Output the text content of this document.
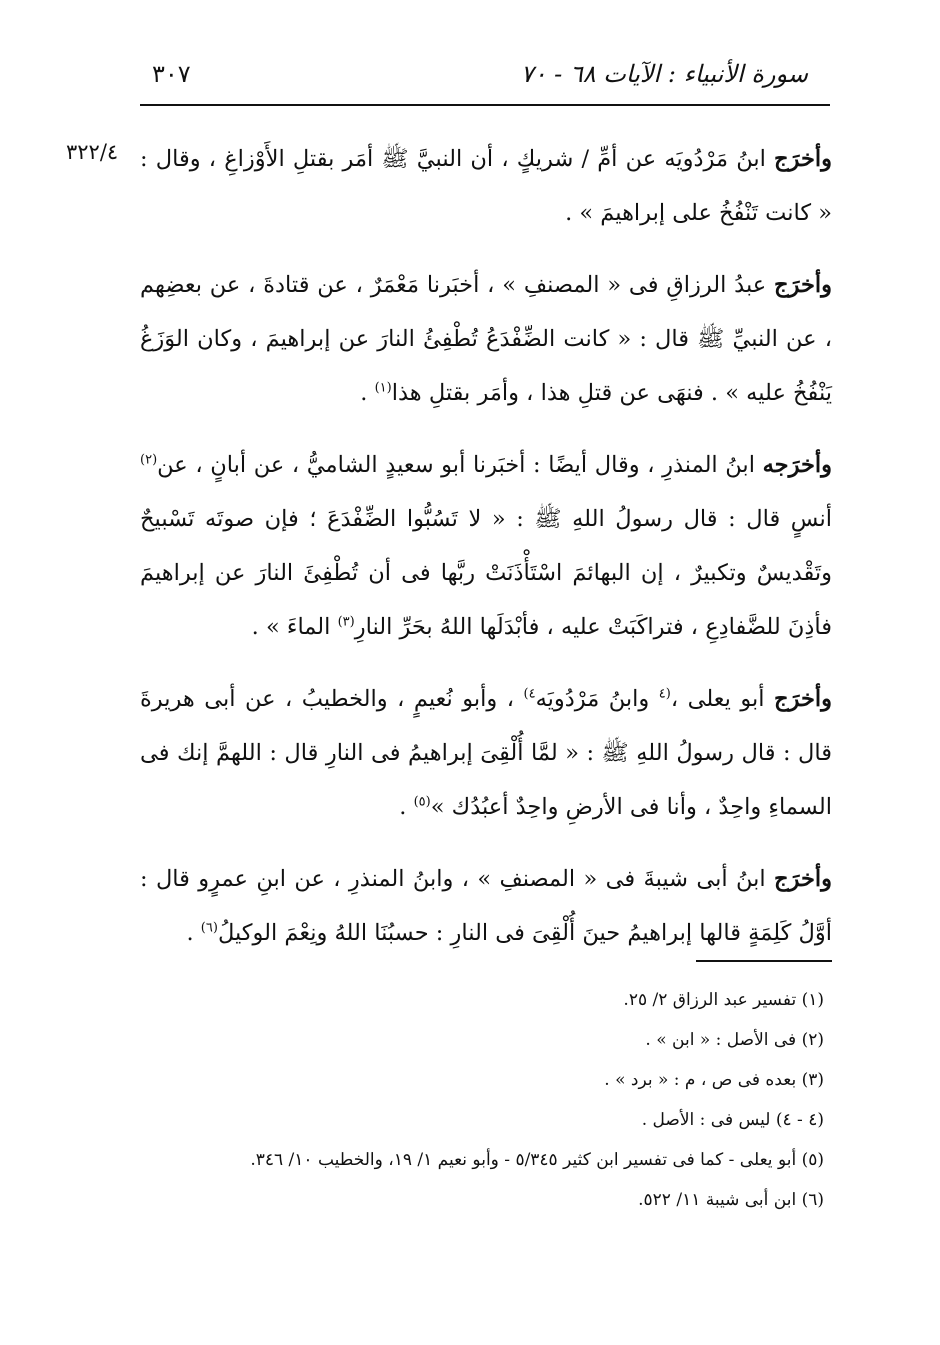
سورة الأنبياء : الآيات ٦٨ - ٧٠
٣٠٧
٣٢٢/٤	وأخرَج ابنُ مَرْدُويَه عن أمِّ / شريكٍ ، أن النبيَّ ﷺ أمَر بقتلِ الأَوْزاغِ ، وقال : « كانت تَنْفُخُ على إبراهيمَ » .

وأخرَج عبدُ الرزاقِ فى « المصنفِ » ، أخبَرنا مَعْمَرٌ ، عن قتادةَ ، عن بعضِهم ، عن النبيِّ ﷺ قال : « كانت الضِّفْدَعُ تُطْفِئُ النارَ عن إبراهيمَ ، وكان الوَزَغُ يَنْفُخُ عليه » . فنهَى عن قتلِ هذا ، وأمَر بقتلِ هذا$^{(١)}$ .

وأخرَجه ابنُ المنذرِ ، وقال أيضًا : أخبَرنا أبو سعيدٍ الشاميُّ ، عن أبانٍ ، عن$^{(٢)}$ أنسٍ قال : قال رسولُ اللهِ ﷺ : « لا تَسُبُّوا الضِّفْدَعَ ؛ فإن صوتَه تَسْبيحٌ وتَقْديسٌ وتكبيرٌ ، إن البهائمَ اسْتَأْذَنَتْ ربَّها فى أن تُطْفِئَ النارَ عن إبراهيمَ فأذِنَ للضَّفادِعِ ، فتراكَبَتْ عليه ، فأبْدَلَها اللهُ بحَرِّ النارِ$^{(٣)}$ الماءَ » .

وأخرَج أبو يعلى ،$^{(٤}$ وابنُ مَرْدُويَه$^{٤)}$ ، وأبو نُعيمٍ ، والخطيبُ ، عن أبى هريرةَ قال : قال رسولُ اللهِ ﷺ : « لمَّا أُلْقِىَ إبراهيمُ فى النارِ قال : اللهمَّ إنك فى السماءِ واحِدٌ ، وأنا فى الأرضِ واحِدٌ أعبُدُك »$^{(٥)}$ .

وأخرَج ابنُ أبى شيبةَ فى « المصنفِ » ، وابنُ المنذرِ ، عن ابنِ عمرٍو قال : أوَّلُ كَلِمَةٍ قالها إبراهيمُ حينَ أُلْقِىَ فى النارِ : حسبُنَا اللهُ ونِعْمَ الوكيلُ$^{(٦)}$ .

(١) تفسير عبد الرزاق ٢/ ٢٥.
(٢) فى الأصل : « ابن » .
(٣) بعده فى ص ، م : « برد » .
(٤ - ٤) ليس فى : الأصل .
(٥) أبو يعلى - كما فى تفسير ابن كثير ٥/٣٤٥ - وأبو نعيم ١/ ١٩، والخطيب ١٠/ ٣٤٦.
(٦) ابن أبى شيبة ١١/ ٥٢٢.
